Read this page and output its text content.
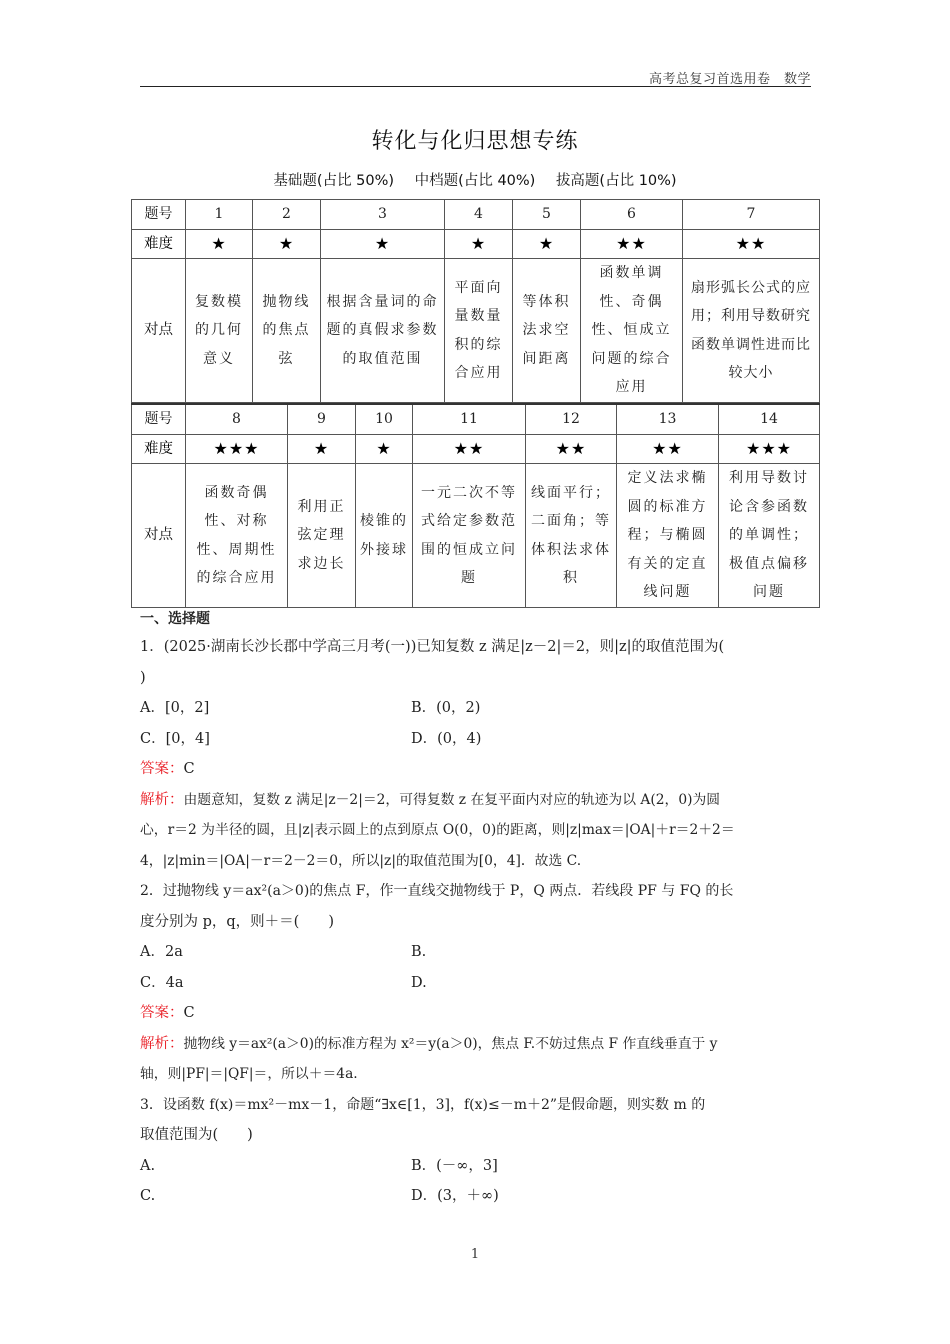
高考总复习首选用卷　数学
转化与化归思想专练
基础题(占比 50%) 中档题(占比 40%) 拔高题(占比 10%)
题号	1	2	3	4	5	6	7
难度	★	★	★	★	★	★★	★★
对点	复数模的几何意义	抛物线的焦点弦	根据含量词的命题的真假求参数的取值范围	平面向量数量积的综合应用	等体积法求空间距离	函数单调性、奇偶性、恒成立问题的综合应用	扇形弧长公式的应用；利用导数研究函数单调性进而比较大小
题号	8	9	10	11	12	13	14
难度	★★★	★	★	★★	★★	★★	★★★
对点	函数奇偶性、对称性、周期性的综合应用	利用正弦定理求边长	棱锥的外接球	一元二次不等式给定参数范围的恒成立问题	线面平行；二面角；等体积法求体积	定义法求椭圆的标准方程；与椭圆有关的定直线问题	利用导数讨论含参函数的单调性；极值点偏移问题
一、选择题
1．(2025·湖南长沙长郡中学高三月考(一))已知复数 z 满足|z－2|＝2，则|z|的取值范围为(
)
A．[0，2]	B．(0，2)
C．[0，4]	D．(0，4)
答案：C
解析：由题意知，复数 z 满足|z－2|＝2，可得复数 z 在复平面内对应的轨迹为以 A(2，0)为圆
心，r＝2 为半径的圆，且|z|表示圆上的点到原点 O(0，0)的距离，则|z|max＝|OA|＋r＝2＋2＝
4，|z|min＝|OA|－r＝2－2＝0，所以|z|的取值范围为[0，4]．故选 C.
2．过抛物线 y＝ax²(a＞0)的焦点 F，作一直线交抛物线于 P，Q 两点．若线段 PF 与 FQ 的长
度分别为 p，q，则＋＝(　　)
A．2a	B.
C．4a	D.
答案：C
解析：抛物线 y＝ax²(a＞0)的标准方程为 x²＝y(a＞0)，焦点 F.不妨过焦点 F 作直线垂直于 y
轴，则|PF|＝|QF|＝，所以＋＝4a.
3．设函数 f(x)＝mx²－mx－1，命题“∃x∈[1，3]，f(x)≤－m＋2”是假命题，则实数 m 的
取值范围为(　　)
A.	B．(－∞，3]
C.	D．(3，＋∞)
1
